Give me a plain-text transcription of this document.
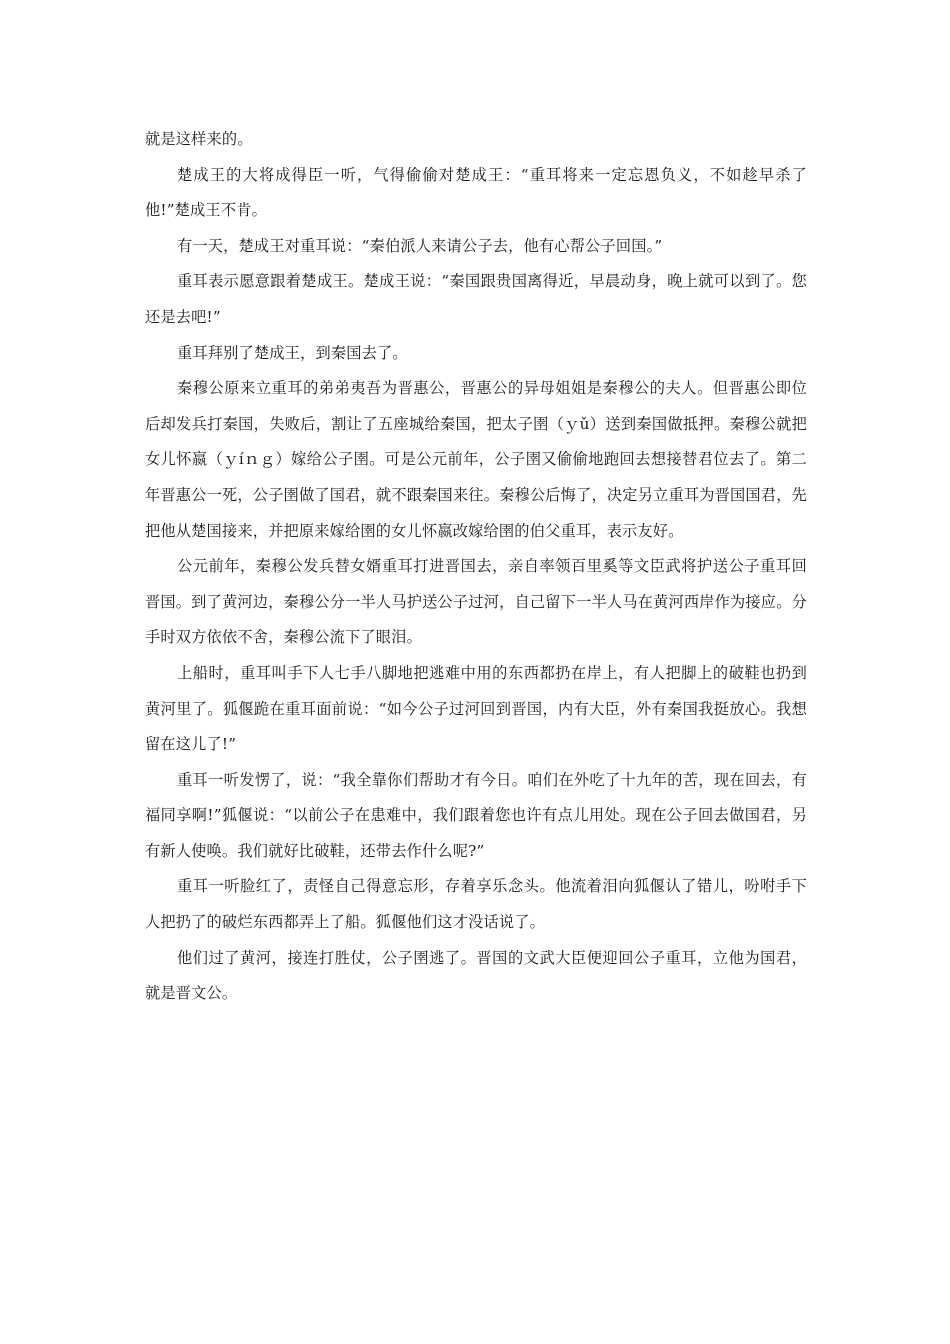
就是这样来的。

楚成王的大将成得臣一听，气得偷偷对楚成王：“重耳将来一定忘恩负义，不如趁早杀了他!”楚成王不肯。

有一天，楚成王对重耳说：“秦伯派人来请公子去，他有心帮公子回国。”

重耳表示愿意跟着楚成王。楚成王说：“秦国跟贵国离得近，早晨动身，晚上就可以到了。您还是去吧!”

重耳拜别了楚成王，到秦国去了。

秦穆公原来立重耳的弟弟夷吾为晋惠公，晋惠公的异母姐姐是秦穆公的夫人。但晋惠公即位后却发兵打秦国，失败后，割让了五座城给秦国，把太子圉（ｙǔ）送到秦国做抵押。秦穆公就把女儿怀嬴（ｙíｎｇ）嫁给公子圉。可是公元前年，公子圉又偷偷地跑回去想接替君位去了。第二年晋惠公一死，公子圉做了国君，就不跟秦国来往。秦穆公后悔了，决定另立重耳为晋国国君，先把他从楚国接来，并把原来嫁给圉的女儿怀嬴改嫁给圉的伯父重耳，表示友好。

公元前年，秦穆公发兵替女婿重耳打进晋国去，亲自率领百里奚等文臣武将护送公子重耳回晋国。到了黄河边，秦穆公分一半人马护送公子过河，自己留下一半人马在黄河西岸作为接应。分手时双方依依不舍，秦穆公流下了眼泪。

上船时，重耳叫手下人七手八脚地把逃难中用的东西都扔在岸上，有人把脚上的破鞋也扔到黄河里了。狐偃跪在重耳面前说：“如今公子过河回到晋国，内有大臣，外有秦国我挺放心。我想留在这儿了!”

重耳一听发愣了，说：“我全靠你们帮助才有今日。咱们在外吃了十九年的苦，现在回去，有福同享啊!”狐偃说：“以前公子在患难中，我们跟着您也许有点儿用处。现在公子回去做国君，另有新人使唤。我们就好比破鞋，还带去作什么呢?”

重耳一听脸红了，责怪自己得意忘形，存着享乐念头。他流着泪向狐偃认了错儿，吩咐手下人把扔了的破烂东西都弄上了船。狐偃他们这才没话说了。

他们过了黄河，接连打胜仗，公子圉逃了。晋国的文武大臣便迎回公子重耳，立他为国君，就是晋文公。
